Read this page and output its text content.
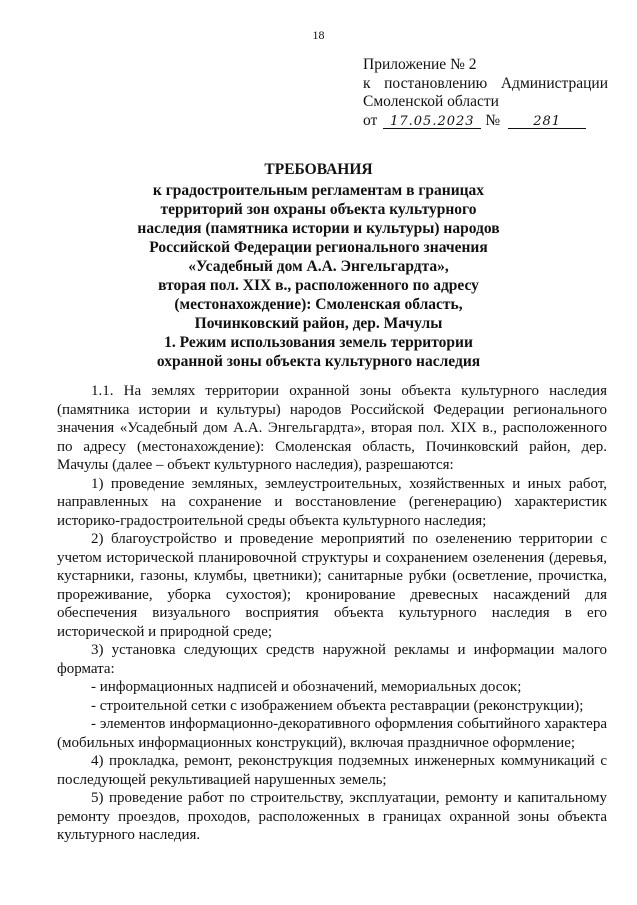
18
Приложение № 2
к постановлению Администрации
Смоленской области
от 17.05.2023 №	281
ТРЕБОВАНИЯ
к градостроительным регламентам в границах
территорий зон охраны объекта культурного
наследия (памятника истории и культуры) народов
Российской Федерации регионального значения
«Усадебный дом А.А. Энгельгардта»,
вторая пол. XIX в., расположенного по адресу
(местонахождение): Смоленская область,
Починковский район, дер. Мачулы
1. Режим использования земель территории
охранной зоны объекта культурного наследия

1.1. На землях территории охранной зоны объекта культурного наследия (памятника истории и культуры) народов Российской Федерации регионального значения «Усадебный дом А.А. Энгельгардта», вторая пол. XIX в., расположенного по адресу (местонахождение): Смоленская область, Починковский район, дер. Мачулы (далее – объект культурного наследия), разрешаются:

1) проведение земляных, землеустроительных, хозяйственных и иных работ, направленных на сохранение и восстановление (регенерацию) характеристик историко-градостроительной среды объекта культурного наследия;

2) благоустройство и проведение мероприятий по озеленению территории с учетом исторической планировочной структуры и сохранением озеленения (деревья, кустарники, газоны, клумбы, цветники); санитарные рубки (осветление, прочистка, прореживание, уборка сухостоя); кронирование древесных насаждений для обеспечения визуального восприятия объекта культурного наследия в его исторической и природной среде;

3) установка следующих средств наружной рекламы и информации малого формата:

- информационных надписей и обозначений, мемориальных досок;

- строительной сетки с изображением объекта реставрации (реконструкции);

- элементов информационно-декоративного оформления событийного характера (мобильных информационных конструкций), включая праздничное оформление;

4) прокладка, ремонт, реконструкция подземных инженерных коммуникаций с последующей рекультивацией нарушенных земель;

5) проведение работ по строительству, эксплуатации, ремонту и капитальному ремонту проездов, проходов, расположенных в границах охранной зоны объекта культурного наследия.
